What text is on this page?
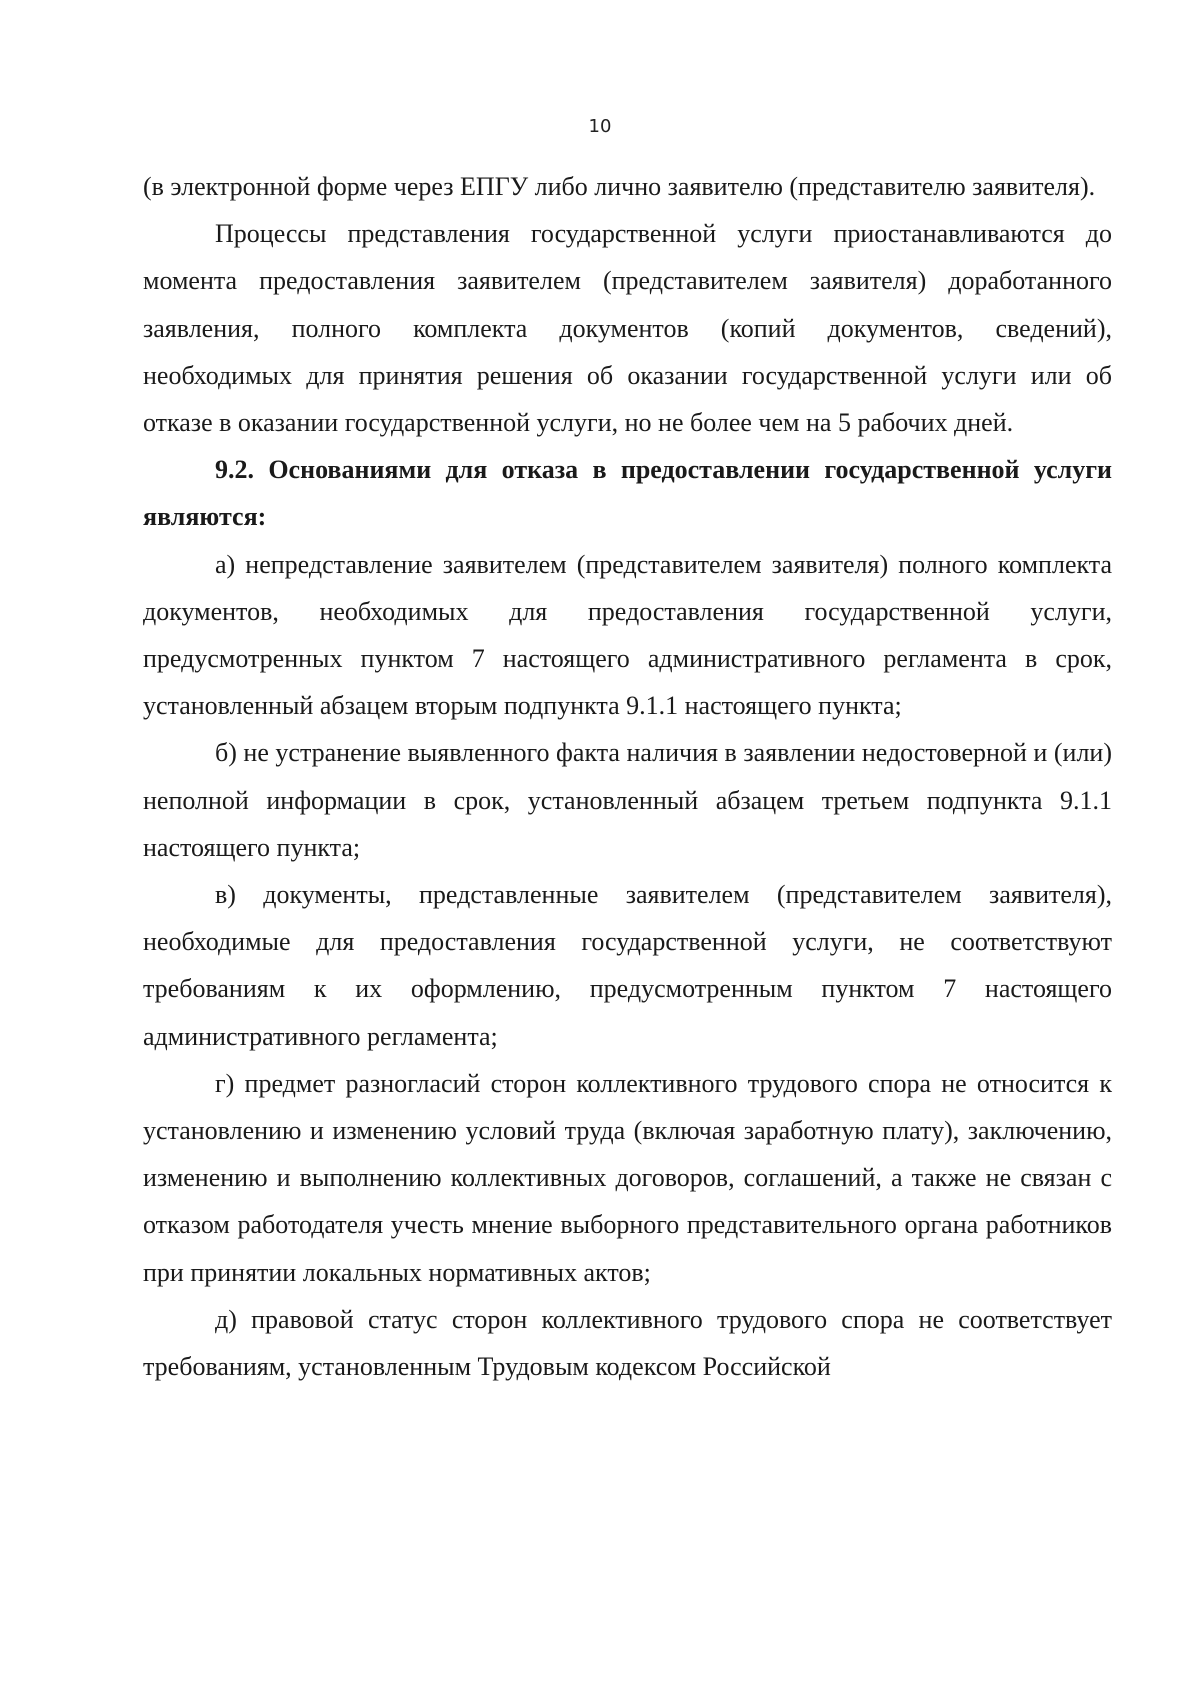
10

(в электронной форме через ЕПГУ либо лично заявителю (представителю заявителя).

Процессы представления государственной услуги приостанавливаются до момента предоставления заявителем (представителем заявителя) доработанного заявления, полного комплекта документов (копий документов, сведений), необходимых для принятия решения об оказании государственной услуги или об отказе в оказании государственной услуги, но не более чем на 5 рабочих дней.

9.2. Основаниями для отказа в предоставлении государственной услуги являются:

а) непредставление заявителем (представителем заявителя) полного комплекта документов, необходимых для предоставления государственной услуги, предусмотренных пунктом 7 настоящего административного регламента в срок, установленный абзацем вторым подпункта 9.1.1 настоящего пункта;

б) не устранение выявленного факта наличия в заявлении недостоверной и (или) неполной информации в срок, установленный абзацем третьем подпункта 9.1.1 настоящего пункта;

в) документы, представленные заявителем (представителем заявителя), необходимые для предоставления государственной услуги, не соответствуют требованиям к их оформлению, предусмотренным пунктом 7 настоящего административного регламента;

г) предмет разногласий сторон коллективного трудового спора не относится к установлению и изменению условий труда (включая заработную плату), заключению, изменению и выполнению коллективных договоров, соглашений, а также не связан с отказом работодателя учесть мнение выборного представительного органа работников при принятии локальных нормативных актов;

д) правовой статус сторон коллективного трудового спора не соответствует требованиям, установленным Трудовым кодексом Российской
